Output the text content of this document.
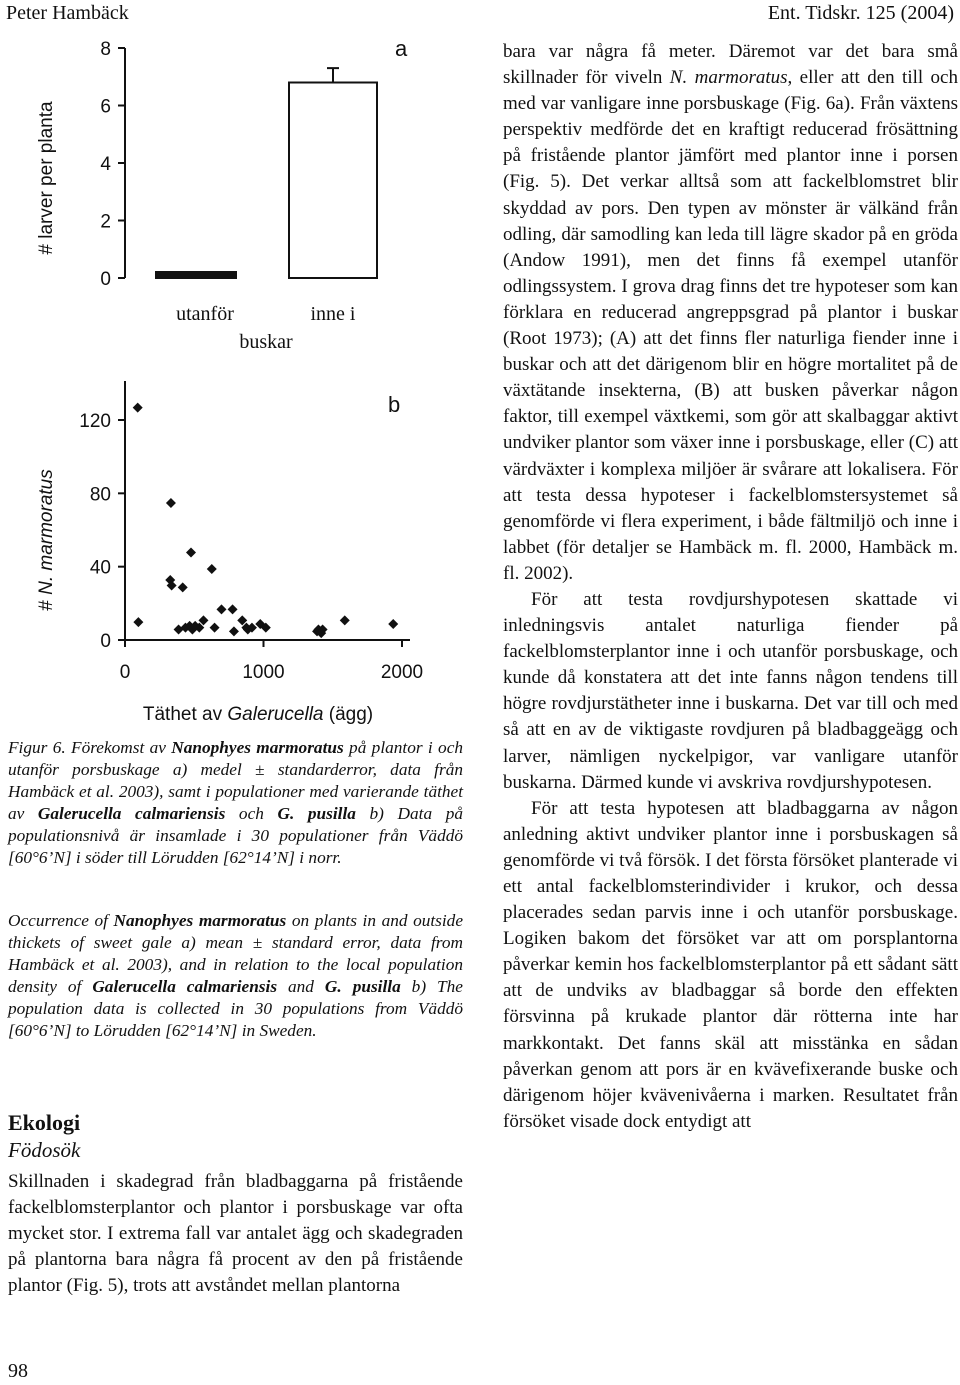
Peter Hambäck	Ent. Tidskr. 125 (2004)
a
# larver per planta
0
2
4
6
8
utanför	inne i
buskar
b
# N. marmoratus
0
40
80
120
0	1000	2000
Täthet av Galerucella (ägg)

Figur 6. Förekomst av Nanophyes marmoratus på plantor i och utanför porsbuskage a) medel ± standarderror, data från Hambäck et al. 2003), samt i populationer med varierande täthet av Galerucella calmariensis och G. pusilla b) Data på populationsnivå är insamlade i 30 populationer från Väddö [60°6’N] i söder till Lörudden [62°14’N] i norr.

Occurrence of Nanophyes marmoratus on plants in and outside thickets of sweet gale a) mean ± standard error, data from Hambäck et al. 2003), and in relation to the local population density of Galerucella calmariensis and G. pusilla b) The population data is collected in 30 populations from Väddö [60°6’N] to Lörudden [62°14’N] in Sweden.

Ekologi
Födosök

Skillnaden i skadegrad från bladbaggarna på fristående fackelblomsterplantor och plantor i porsbuskage var ofta mycket stor. I extrema fall var antalet ägg och skadegraden på plantorna bara några få procent av den på fristående plantor (Fig. 5), trots att avståndet mellan plantorna

bara var några få meter. Däremot var det bara små skillnader för viveln N. marmoratus, eller att den till och med var vanligare inne porsbuskage (Fig. 6a). Från växtens perspektiv medförde det en kraftigt reducerad frösättning på fristående plantor jämfört med plantor inne i porsen (Fig. 5). Det verkar alltså som att fackelblomstret blir skyddad av pors. Den typen av mönster är välkänd från odling, där samodling kan leda till lägre skador på en gröda (Andow 1991), men det finns få exempel utanför odlingssystem. I grova drag finns det tre hypoteser som kan förklara en reducerad angreppsgrad på plantor i buskar (Root 1973); (A) att det finns fler naturliga fiender inne i buskar och att det därigenom blir en högre mortalitet på de växtätande insekterna, (B) att busken påverkar någon faktor, till exempel växtkemi, som gör att skalbaggar aktivt undviker plantor som växer inne i porsbuskage, eller (C) att värdväxter i komplexa miljöer är svårare att lokalisera. För att testa dessa hypoteser i fackelblomstersystemet så genomförde vi flera experiment, i både fältmiljö och inne i labbet (för detaljer se Hambäck m. fl. 2000, Hambäck m. fl. 2002).

För att testa rovdjurshypotesen skattade vi inledningsvis antalet naturliga fiender på fackelblomsterplantor inne i och utanför porsbuskage, och kunde då konstatera att det inte fanns någon tendens till högre rovdjurstätheter inne i buskarna. Det var till och med så att en av de viktigaste rovdjuren på bladbaggeägg och larver, nämligen nyckelpigor, var vanligare utanför buskarna. Därmed kunde vi avskriva rovdjurshypotesen.

För att testa hypotesen att bladbaggarna av någon anledning aktivt undviker plantor inne i porsbuskagen så genomförde vi två försök. I det första försöket planterade vi ett antal fackelblomsterindivider i krukor, och dessa placerades sedan parvis inne i och utanför porsbuskage. Logiken bakom det försöket var att om porsplantorna påverkar kemin hos fackelblomsterplantor på ett sådant sätt att de undviks av bladbaggar så borde den effekten försvinna på krukade plantor där rötterna inte har markkontakt. Det fanns skäl att misstänka en sådan påverkan genom att pors är en kvävefixerande buske och därigenom höjer kvävenivåerna i marken. Resultatet från försöket visade dock entydigt att

98
